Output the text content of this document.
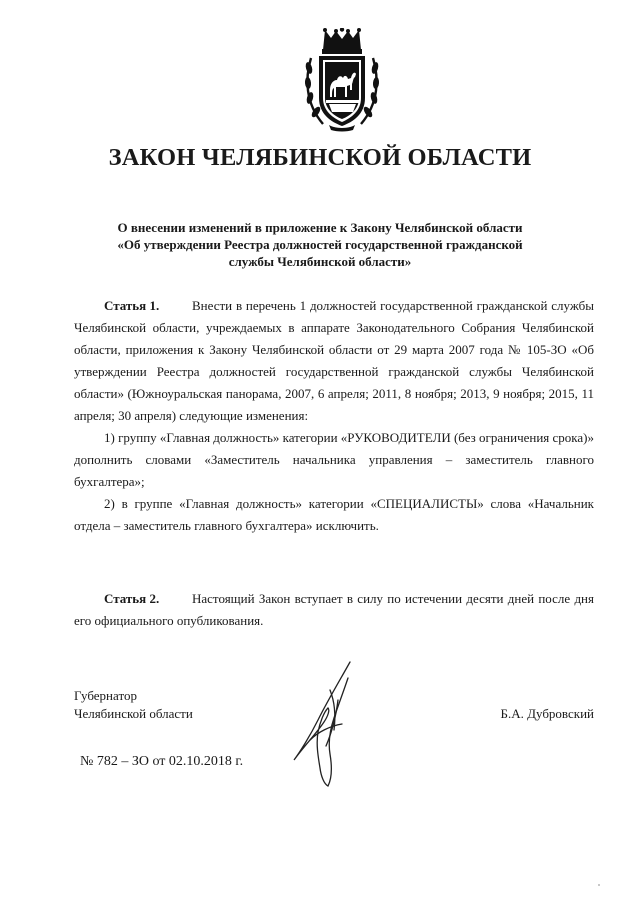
ЗАКОН ЧЕЛЯБИНСКОЙ ОБЛАСТИ
О внесении изменений в приложение к Закону Челябинской области
«Об утверждении Реестра должностей государственной гражданской
службы Челябинской области»

Статья 1.	Внести в перечень 1 должностей государственной гражданской службы Челябинской области, учреждаемых в аппарате Законодательного Собрания Челябинской области, приложения к Закону Челябинской области от 29 марта 2007 года № 105-ЗО «Об утверждении Реестра должностей государственной гражданской службы Челябинской области» (Южноуральская панорама, 2007, 6 апреля; 2011, 8 ноября; 2013, 9 ноября; 2015, 11 апреля; 30 апреля) следующие изменения:

1) группу «Главная должность» категории «РУКОВОДИТЕЛИ (без ограничения срока)» дополнить словами «Заместитель начальника управления – заместитель главного бухгалтера»;

2) в группе «Главная должность» категории «СПЕЦИАЛИСТЫ» слова «Начальник отдела – заместитель главного бухгалтера» исключить.

Статья 2.	Настоящий Закон вступает в силу по истечении десяти дней после дня его официального опубликования.

Губернатор
Челябинской области	Б.А. Дубровский

№ 782 – ЗО от 02.10.2018 г.
